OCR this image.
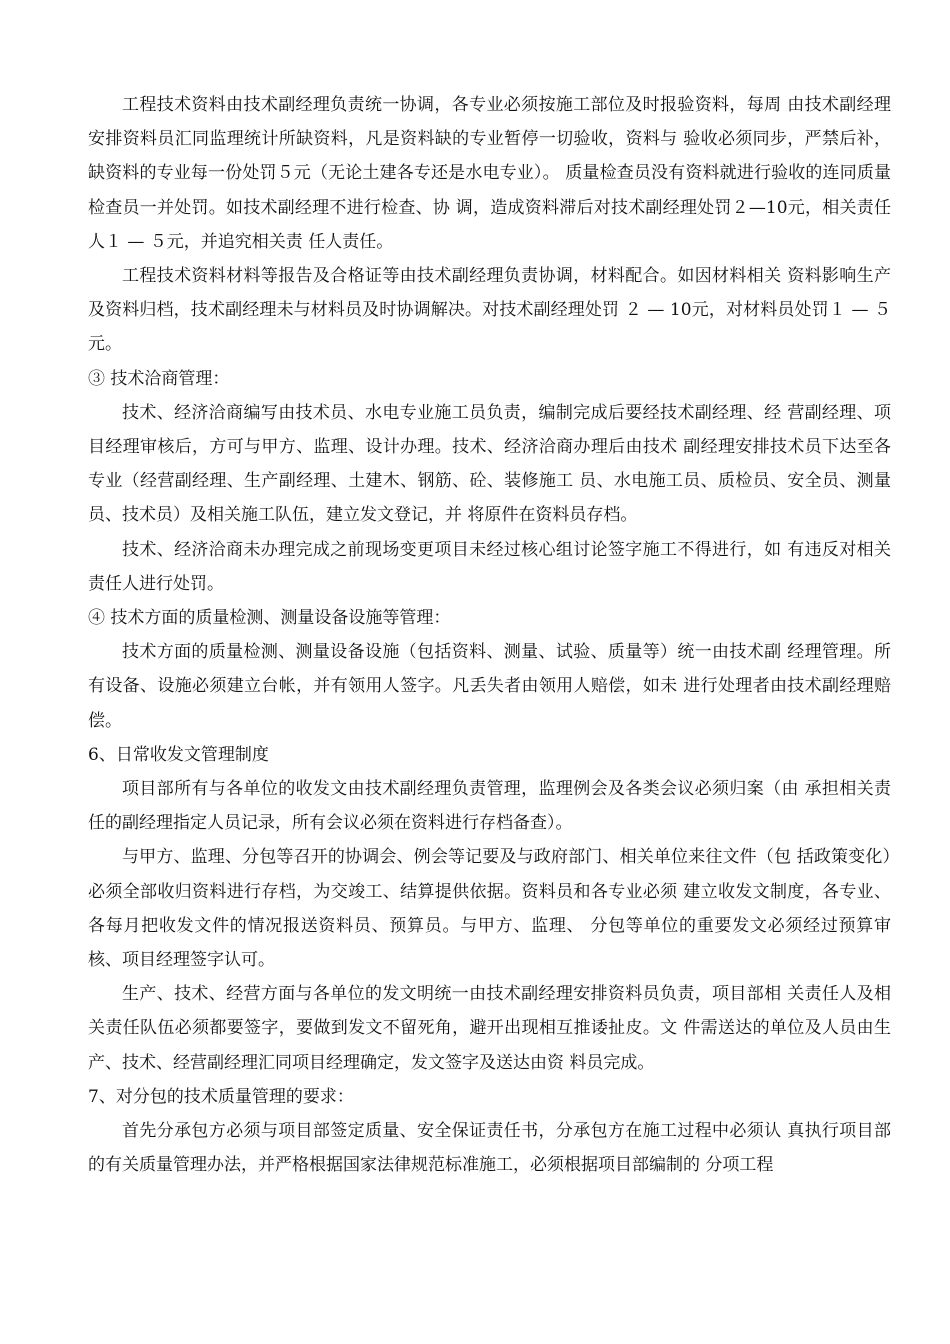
工程技术资料由技术副经理负责统一协调，各专业必须按施工部位及时报验资料，每周 由技术副经理安排资料员汇同监理统计所缺资料，凡是资料缺的专业暂停一切验收，资料与 验收必须同步，严禁后补，缺资料的专业每一份处罚５元（无论土建各专还是水电专业）。 质量检查员没有资料就进行验收的连同质量检查员一并处罚。如技术副经理不进行检查、协 调，造成资料滞后对技术副经理处罚２—10元，相关责任人１ — ５元，并追究相关责 任人责任。

工程技术资料材料等报告及合格证等由技术副经理负责协调，材料配合。如因材料相关 资料影响生产及资料归档，技术副经理未与材料员及时协调解决。对技术副经理处罚 ２ — 10元，对材料员处罚１ — ５元。

③ 技术洽商管理：

技术、经济洽商编写由技术员、水电专业施工员负责，编制完成后要经技术副经理、经 营副经理、项目经理审核后，方可与甲方、监理、设计办理。技术、经济洽商办理后由技术 副经理安排技术员下达至各专业（经营副经理、生产副经理、土建木、钢筋、砼、装修施工 员、水电施工员、质检员、安全员、测量员、技术员）及相关施工队伍，建立发文登记，并 将原件在资料员存档。

技术、经济洽商未办理完成之前现场变更项目未经过核心组讨论签字施工不得进行，如 有违反对相关责任人进行处罚。

④ 技术方面的质量检测、测量设备设施等管理：

技术方面的质量检测、测量设备设施（包括资料、测量、试验、质量等）统一由技术副 经理管理。所有设备、设施必须建立台帐，并有领用人签字。凡丢失者由领用人赔偿，如未 进行处理者由技术副经理赔偿。

6、日常收发文管理制度

项目部所有与各单位的收发文由技术副经理负责管理，监理例会及各类会议必须归案（由 承担相关责任的副经理指定人员记录，所有会议必须在资料进行存档备查）。

与甲方、监理、分包等召开的协调会、例会等记要及与政府部门、相关单位来往文件（包 括政策变化）必须全部收归资料进行存档，为交竣工、结算提供依据。资料员和各专业必须 建立收发文制度，各专业、各每月把收发文件的情况报送资料员、预算员。与甲方、监理、 分包等单位的重要发文必须经过预算审核、项目经理签字认可。

生产、技术、经营方面与各单位的发文明统一由技术副经理安排资料员负责，项目部相 关责任人及相关责任队伍必须都要签字，要做到发文不留死角，避开出现相互推诿扯皮。文 件需送达的单位及人员由生产、技术、经营副经理汇同项目经理确定，发文签字及送达由资 料员完成。

7、对分包的技术质量管理的要求：

首先分承包方必须与项目部签定质量、安全保证责任书，分承包方在施工过程中必须认 真执行项目部的有关质量管理办法，并严格根据国家法律规范标准施工，必须根据项目部编制的 分项工程
